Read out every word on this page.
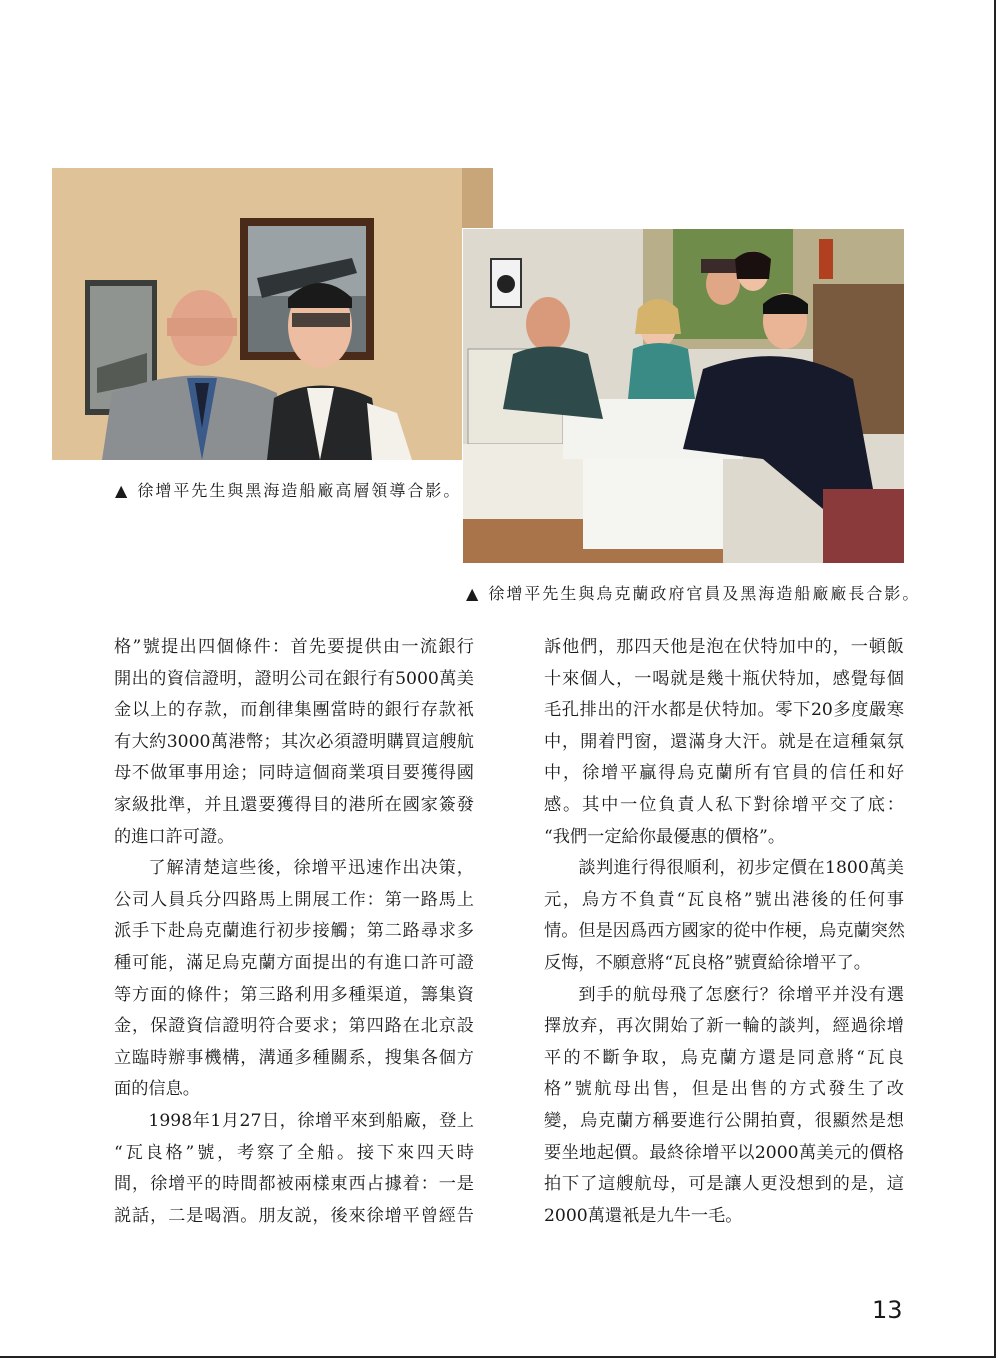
▲ 徐增平先生與黑海造船廠高層領導合影。
▲ 徐增平先生與烏克蘭政府官員及黑海造船廠廠長合影。
格”號提出四個條件：首先要提供由一流銀行
開出的資信證明，證明公司在銀行有5000萬美
金以上的存款，而創律集團當時的銀行存款衹
有大約3000萬港幣；其次必須證明購買這艘航
母不做軍事用途；同時這個商業項目要獲得國
家級批準，并且還要獲得目的港所在國家簽發
的進口許可證。
了解清楚這些後，徐增平迅速作出决策，
公司人員兵分四路馬上開展工作：第一路馬上
派手下赴烏克蘭進行初步接觸；第二路尋求多
種可能，滿足烏克蘭方面提出的有進口許可證
等方面的條件；第三路利用多種渠道，籌集資
金，保證資信證明符合要求；第四路在北京設
立臨時辦事機構，溝通多種關系，搜集各個方
面的信息。
1998年1月27日，徐增平來到船廠，登上
“瓦良格”號，考察了全船。接下來四天時
間，徐增平的時間都被兩樣東西占據着：一是
説話，二是喝酒。朋友説，後來徐增平曾經告
訴他們，那四天他是泡在伏特加中的，一頓飯
十來個人，一喝就是幾十瓶伏特加，感覺每個
毛孔排出的汗水都是伏特加。零下20多度嚴寒
中，開着門窗，還滿身大汗。就是在這種氣氛
中，徐增平贏得烏克蘭所有官員的信任和好
感。其中一位負責人私下對徐增平交了底：
“我們一定給你最優惠的價格”。
談判進行得很順利，初步定價在1800萬美
元，烏方不負責“瓦良格”號出港後的任何事
情。但是因爲西方國家的從中作梗，烏克蘭突然
反悔，不願意將“瓦良格”號賣給徐增平了。
到手的航母飛了怎麽行？徐增平并没有選
擇放弃，再次開始了新一輪的談判，經過徐增
平的不斷争取，烏克蘭方還是同意將“瓦良
格”號航母出售，但是出售的方式發生了改
變，烏克蘭方稱要進行公開拍賣，很顯然是想
要坐地起價。最終徐增平以2000萬美元的價格
拍下了這艘航母，可是讓人更没想到的是，這
2000萬還衹是九牛一毛。
13
